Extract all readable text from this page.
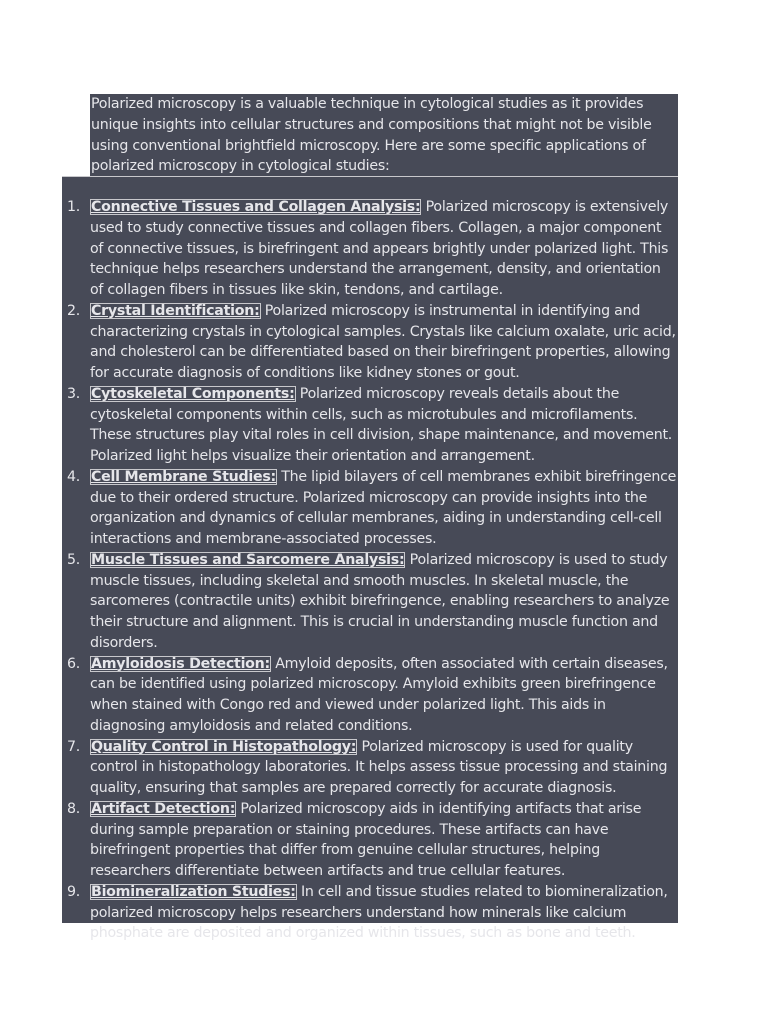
Polarized microscopy is a valuable technique in cytological studies as it provides unique insights into cellular structures and compositions that might not be visible using conventional brightfield microscopy. Here are some specific applications of polarized microscopy in cytological studies:

1. Connective Tissues and Collagen Analysis: Polarized microscopy is extensively used to study connective tissues and collagen fibers. Collagen, a major component of connective tissues, is birefringent and appears brightly under polarized light. This technique helps researchers understand the arrangement, density, and orientation of collagen fibers in tissues like skin, tendons, and cartilage.
2. Crystal Identification: Polarized microscopy is instrumental in identifying and characterizing crystals in cytological samples. Crystals like calcium oxalate, uric acid, and cholesterol can be differentiated based on their birefringent properties, allowing for accurate diagnosis of conditions like kidney stones or gout.
3. Cytoskeletal Components: Polarized microscopy reveals details about the cytoskeletal components within cells, such as microtubules and microfilaments. These structures play vital roles in cell division, shape maintenance, and movement. Polarized light helps visualize their orientation and arrangement.
4. Cell Membrane Studies: The lipid bilayers of cell membranes exhibit birefringence due to their ordered structure. Polarized microscopy can provide insights into the organization and dynamics of cellular membranes, aiding in understanding cell-cell interactions and membrane-associated processes.
5. Muscle Tissues and Sarcomere Analysis: Polarized microscopy is used to study muscle tissues, including skeletal and smooth muscles. In skeletal muscle, the sarcomeres (contractile units) exhibit birefringence, enabling researchers to analyze their structure and alignment. This is crucial in understanding muscle function and disorders.
6. Amyloidosis Detection: Amyloid deposits, often associated with certain diseases, can be identified using polarized microscopy. Amyloid exhibits green birefringence when stained with Congo red and viewed under polarized light. This aids in diagnosing amyloidosis and related conditions.
7. Quality Control in Histopathology: Polarized microscopy is used for quality control in histopathology laboratories. It helps assess tissue processing and staining quality, ensuring that samples are prepared correctly for accurate diagnosis.
8. Artifact Detection: Polarized microscopy aids in identifying artifacts that arise during sample preparation or staining procedures. These artifacts can have birefringent properties that differ from genuine cellular structures, helping researchers differentiate between artifacts and true cellular features.
9. Biomineralization Studies: In cell and tissue studies related to biomineralization, polarized microscopy helps researchers understand how minerals like calcium phosphate are deposited and organized within tissues, such as bone and teeth.
